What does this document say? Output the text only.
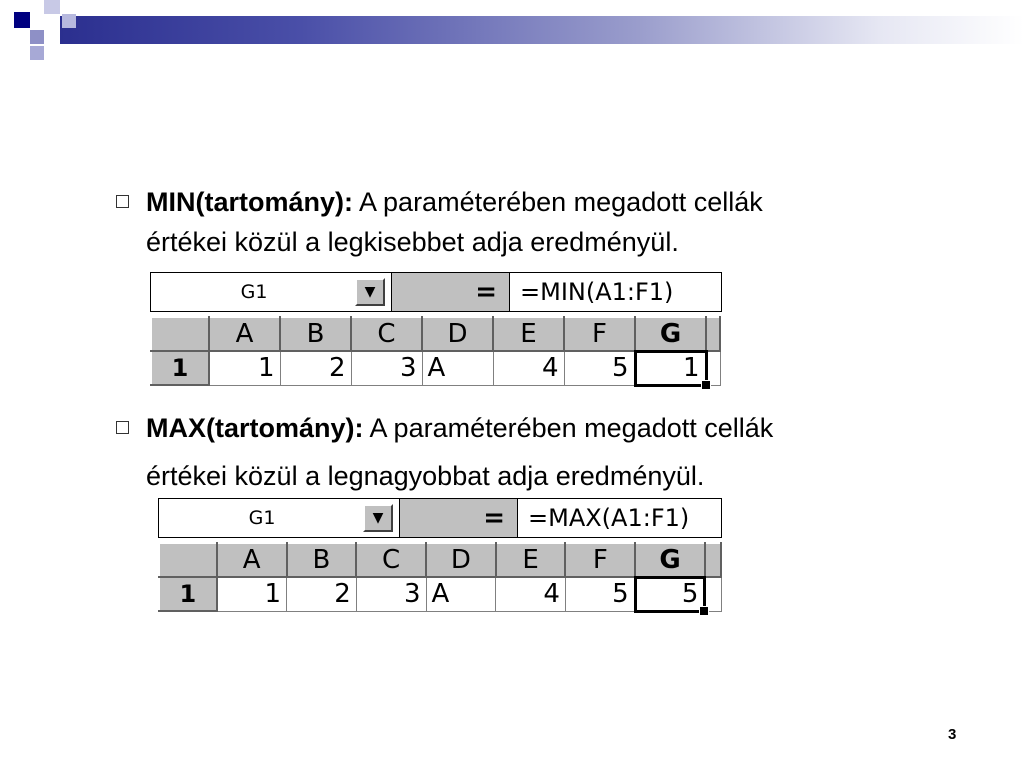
MIN(tartomány): A paraméterében megadott cellák
értékei közül a legkisebbet adja eredményül.
G1	▼	= =MIN(A1:F1)
	A	B	C	D	E	F	G	
1	1	2	3	A	4	5	1

MAX(tartomány): A paraméterében megadott cellák
értékei közül a legnagyobbat adja eredményül.
G1	▼	= =MAX(A1:F1)
	A	B	C	D	E	F	G	
1	1	2	3	A	4	5	5

3
